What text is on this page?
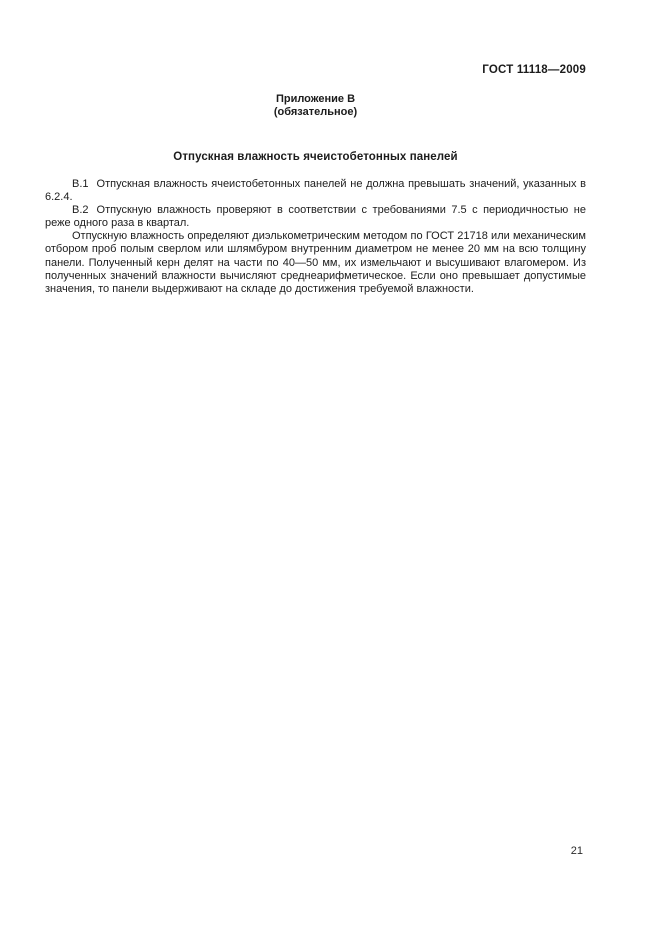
ГОСТ 11118—2009
Приложение В
(обязательное)
Отпускная влажность ячеистобетонных панелей

В.1 Отпускная влажность ячеистобетонных панелей не должна превышать значений, указанных в 6.2.4.

В.2 Отпускную влажность проверяют в соответствии с требованиями 7.5 с периодичностью не реже одного раза в квартал.

Отпускную влажность определяют диэлькометрическим методом по ГОСТ 21718 или механическим отбором проб полым сверлом или шлямбуром внутренним диаметром не менее 20 мм на всю толщину панели. Полученный керн делят на части по 40—50 мм, их измельчают и высушивают влагомером. Из полученных значений влажности вычисляют среднеарифметическое. Если оно превышает допустимые значения, то панели выдерживают на складе до достижения требуемой влажности.

21
